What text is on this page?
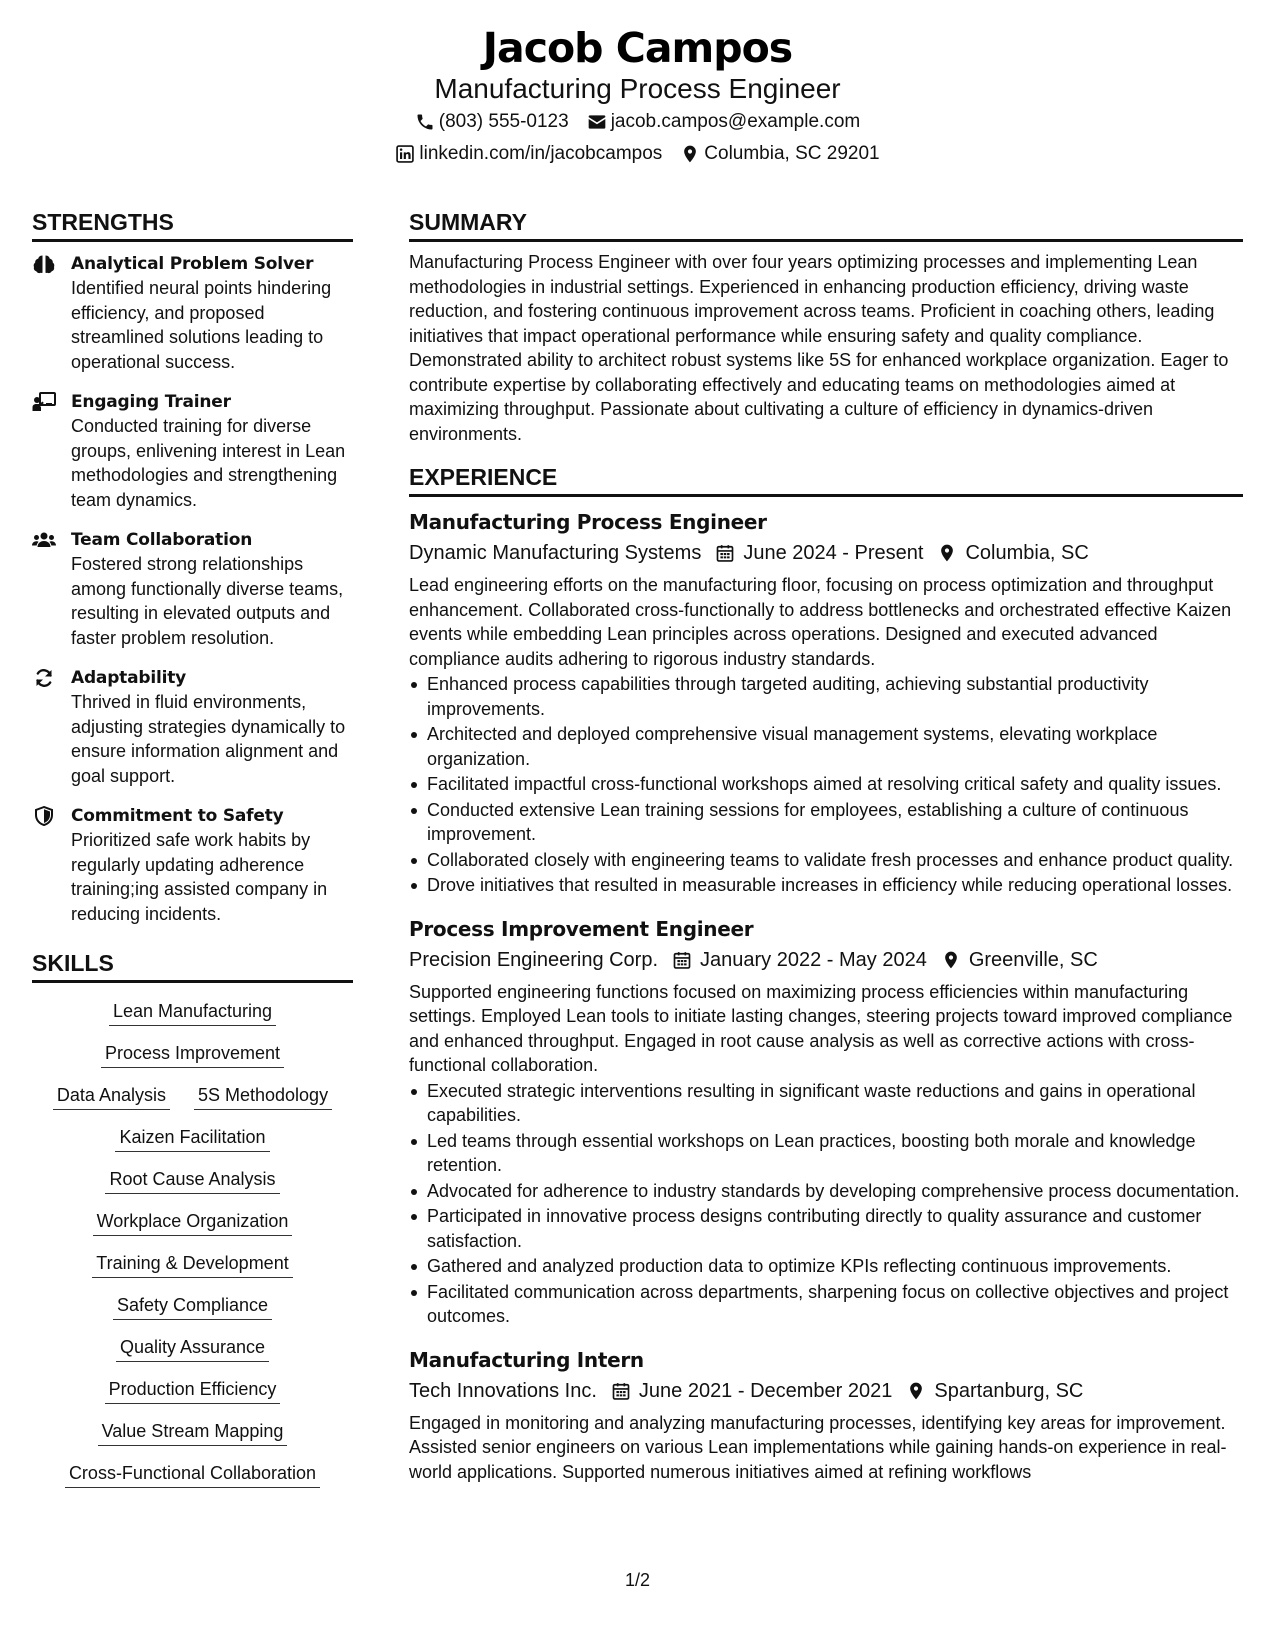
Jacob Campos
Manufacturing Process Engineer
(803) 555-0123 jacob.campos@example.com
linkedin.com/in/jacobcampos Columbia, SC 29201
STRENGTHS
Analytical Problem Solver
Identified neural points hindering efficiency, and proposed streamlined solutions leading to operational success.
Engaging Trainer
Conducted training for diverse groups, enlivening interest in Lean methodologies and strengthening team dynamics.
Team Collaboration
Fostered strong relationships among functionally diverse teams, resulting in elevated outputs and faster problem resolution.
Adaptability
Thrived in fluid environments, adjusting strategies dynamically to ensure information alignment and goal support.
Commitment to Safety
Prioritized safe work habits by regularly updating adherence training;ing assisted company in reducing incidents.
SKILLS
Lean Manufacturing
Process Improvement
Data Analysis 5S Methodology
Kaizen Facilitation
Root Cause Analysis
Workplace Organization
Training & Development
Safety Compliance
Quality Assurance
Production Efficiency
Value Stream Mapping
Cross-Functional Collaboration
SUMMARY
Manufacturing Process Engineer with over four years optimizing processes and implementing Lean methodologies in industrial settings. Experienced in enhancing production efficiency, driving waste reduction, and fostering continuous improvement across teams. Proficient in coaching others, leading initiatives that impact operational performance while ensuring safety and quality compliance. Demonstrated ability to architect robust systems like 5S for enhanced workplace organization. Eager to contribute expertise by collaborating effectively and educating teams on methodologies aimed at maximizing throughput. Passionate about cultivating a culture of efficiency in dynamics-driven environments.
EXPERIENCE
Manufacturing Process Engineer
Dynamic Manufacturing Systems June 2024 - Present Columbia, SC
Lead engineering efforts on the manufacturing floor, focusing on process optimization and throughput enhancement. Collaborated cross-functionally to address bottlenecks and orchestrated effective Kaizen events while embedding Lean principles across operations. Designed and executed advanced compliance audits adhering to rigorous industry standards.
Enhanced process capabilities through targeted auditing, achieving substantial productivity improvements.
Architected and deployed comprehensive visual management systems, elevating workplace organization.
Facilitated impactful cross-functional workshops aimed at resolving critical safety and quality issues.
Conducted extensive Lean training sessions for employees, establishing a culture of continuous improvement.
Collaborated closely with engineering teams to validate fresh processes and enhance product quality.
Drove initiatives that resulted in measurable increases in efficiency while reducing operational losses.
Process Improvement Engineer
Precision Engineering Corp. January 2022 - May 2024 Greenville, SC
Supported engineering functions focused on maximizing process efficiencies within manufacturing settings. Employed Lean tools to initiate lasting changes, steering projects toward improved compliance and enhanced throughput. Engaged in root cause analysis as well as corrective actions with cross-functional collaboration.
Executed strategic interventions resulting in significant waste reductions and gains in operational capabilities.
Led teams through essential workshops on Lean practices, boosting both morale and knowledge retention.
Advocated for adherence to industry standards by developing comprehensive process documentation.
Participated in innovative process designs contributing directly to quality assurance and customer satisfaction.
Gathered and analyzed production data to optimize KPIs reflecting continuous improvements.
Facilitated communication across departments, sharpening focus on collective objectives and project outcomes.
Manufacturing Intern
Tech Innovations Inc. June 2021 - December 2021 Spartanburg, SC
Engaged in monitoring and analyzing manufacturing processes, identifying key areas for improvement. Assisted senior engineers on various Lean implementations while gaining hands-on experience in real-world applications. Supported numerous initiatives aimed at refining workflows
1/2
